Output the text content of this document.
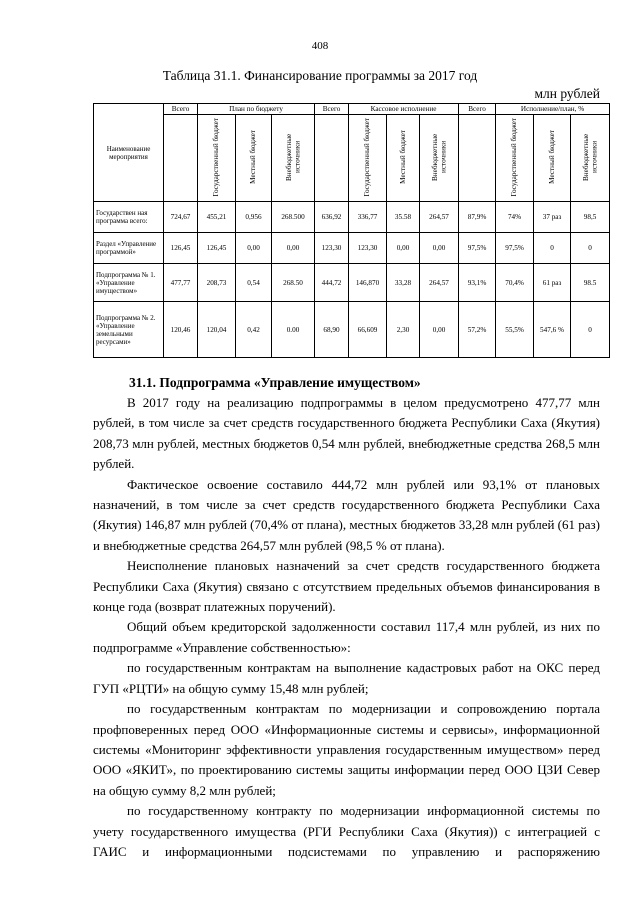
408
Таблица 31.1. Финансирование программы за 2017 год
млн рублей
Наименование мероприятия	Всего	План по бюджету			Всего	Кассовое исполнение			Всего	Исполнение/план, %		
		Государственный бюджет	Местный бюджет	Внебюджетные источники		Государственный бюджет	Местный бюджет	Внебюджетные источники		Государственный бюджет	Местный бюджет	Внебюджетные источники
Государствен ная программа всего:	724,67	455,21	0,956	268.500	636,92	336,77	35.58	264,57	87,9%	74%	37 раз	98,5
Раздел «Управление программой»	126,45	126,45	0,00	0,00	123,30	123,30	0,00	0,00	97,5%	97,5%	0	0
Подпрограмма № 1. «Управление имуществом»	477,77	208,73	0,54	268.50	444,72	146,870	33,28	264,57	93,1%	70,4%	61 раз	98.5
Подпрограмма № 2. «Управление земельными ресурсами»	120,46	120,04	0,42	0.00	68,90	66,609	2,30	0,00	57,2%	55,5%	547,6 %	0
31.1. Подпрограмма «Управление имуществом»

В 2017 году на реализацию подпрограммы в целом предусмотрено 477,77 млн рублей, в том числе за счет средств государственного бюджета Республики Саха (Якутия) 208,73 млн рублей, местных бюджетов 0,54 млн рублей, внебюджетные средства 268,5 млн рублей.

Фактическое освоение составило 444,72 млн рублей или 93,1% от плановых назначений, в том числе за счет средств государственного бюджета Республики Саха (Якутия) 146,87 млн рублей (70,4% от плана), местных бюджетов 33,28 млн рублей (61 раз) и внебюджетные средства 264,57 млн рублей (98,5 % от плана).

Неисполнение плановых назначений за счет средств государственного бюджета Республики Саха (Якутия) связано с отсутствием предельных объемов финансирования в конце года (возврат платежных поручений).

Общий объем кредиторской задолженности составил 117,4 млн рублей, из них по подпрограмме «Управление собственностью»:

по государственным контрактам на выполнение кадастровых работ на ОКС перед ГУП «РЦТИ» на общую сумму 15,48 млн рублей;

по государственным контрактам по модернизации и сопровождению портала профповеренных перед ООО «Информационные системы и сервисы», информационной системы «Мониторинг эффективности управления государственным имуществом» перед ООО «ЯКИТ», по проектированию системы защиты информации перед ООО ЦЗИ Север на общую сумму 8,2 млн рублей;

по государственному контракту по модернизации информационной системы по учету государственного имущества (РГИ Республики Саха (Якутия)) с интеграцией с ГАИС и информационными подсистемами по управлению и распоряжению
